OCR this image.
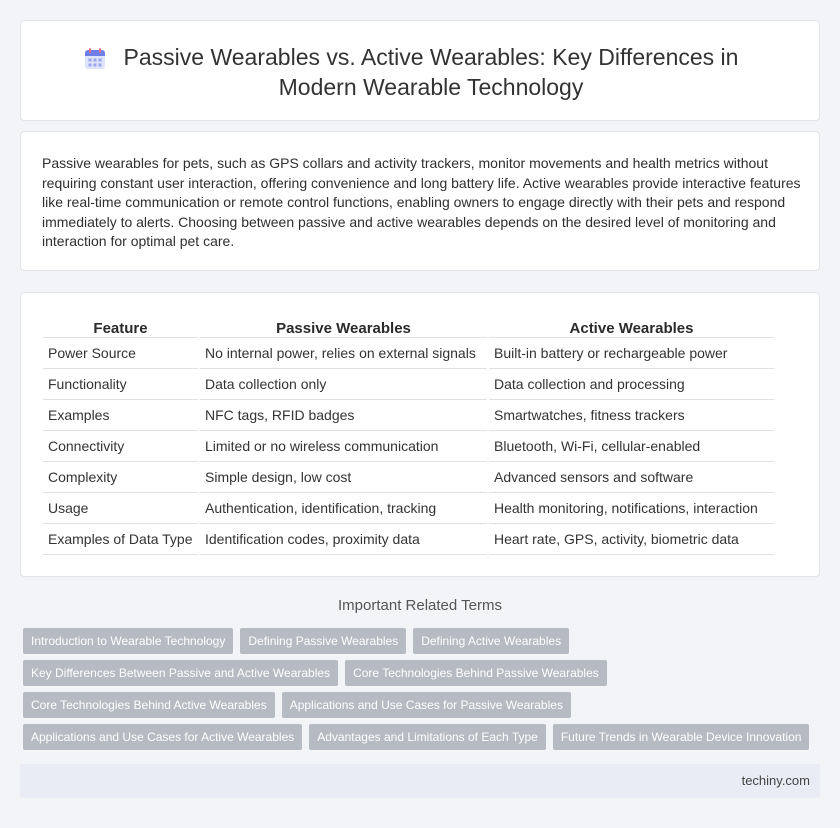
Passive Wearables vs. Active Wearables: Key Differences in Modern Wearable Technology

Passive wearables for pets, such as GPS collars and activity trackers, monitor movements and health metrics without requiring constant user interaction, offering convenience and long battery life. Active wearables provide interactive features like real-time communication or remote control functions, enabling owners to engage directly with their pets and respond immediately to alerts. Choosing between passive and active wearables depends on the desired level of monitoring and interaction for optimal pet care.

Feature	Passive Wearables	Active Wearables
Power Source	No internal power, relies on external signals	Built-in battery or rechargeable power
Functionality	Data collection only	Data collection and processing
Examples	NFC tags, RFID badges	Smartwatches, fitness trackers
Connectivity	Limited or no wireless communication	Bluetooth, Wi-Fi, cellular-enabled
Complexity	Simple design, low cost	Advanced sensors and software
Usage	Authentication, identification, tracking	Health monitoring, notifications, interaction
Examples of Data Type	Identification codes, proximity data	Heart rate, GPS, activity, biometric data
Important Related Terms
Introduction to Wearable Technology	Defining Passive Wearables	Defining Active Wearables
Key Differences Between Passive and Active Wearables	Core Technologies Behind Passive Wearables
Core Technologies Behind Active Wearables	Applications and Use Cases for Passive Wearables
Applications and Use Cases for Active Wearables	Advantages and Limitations of Each Type	Future Trends in Wearable Device Innovation
techiny.com
